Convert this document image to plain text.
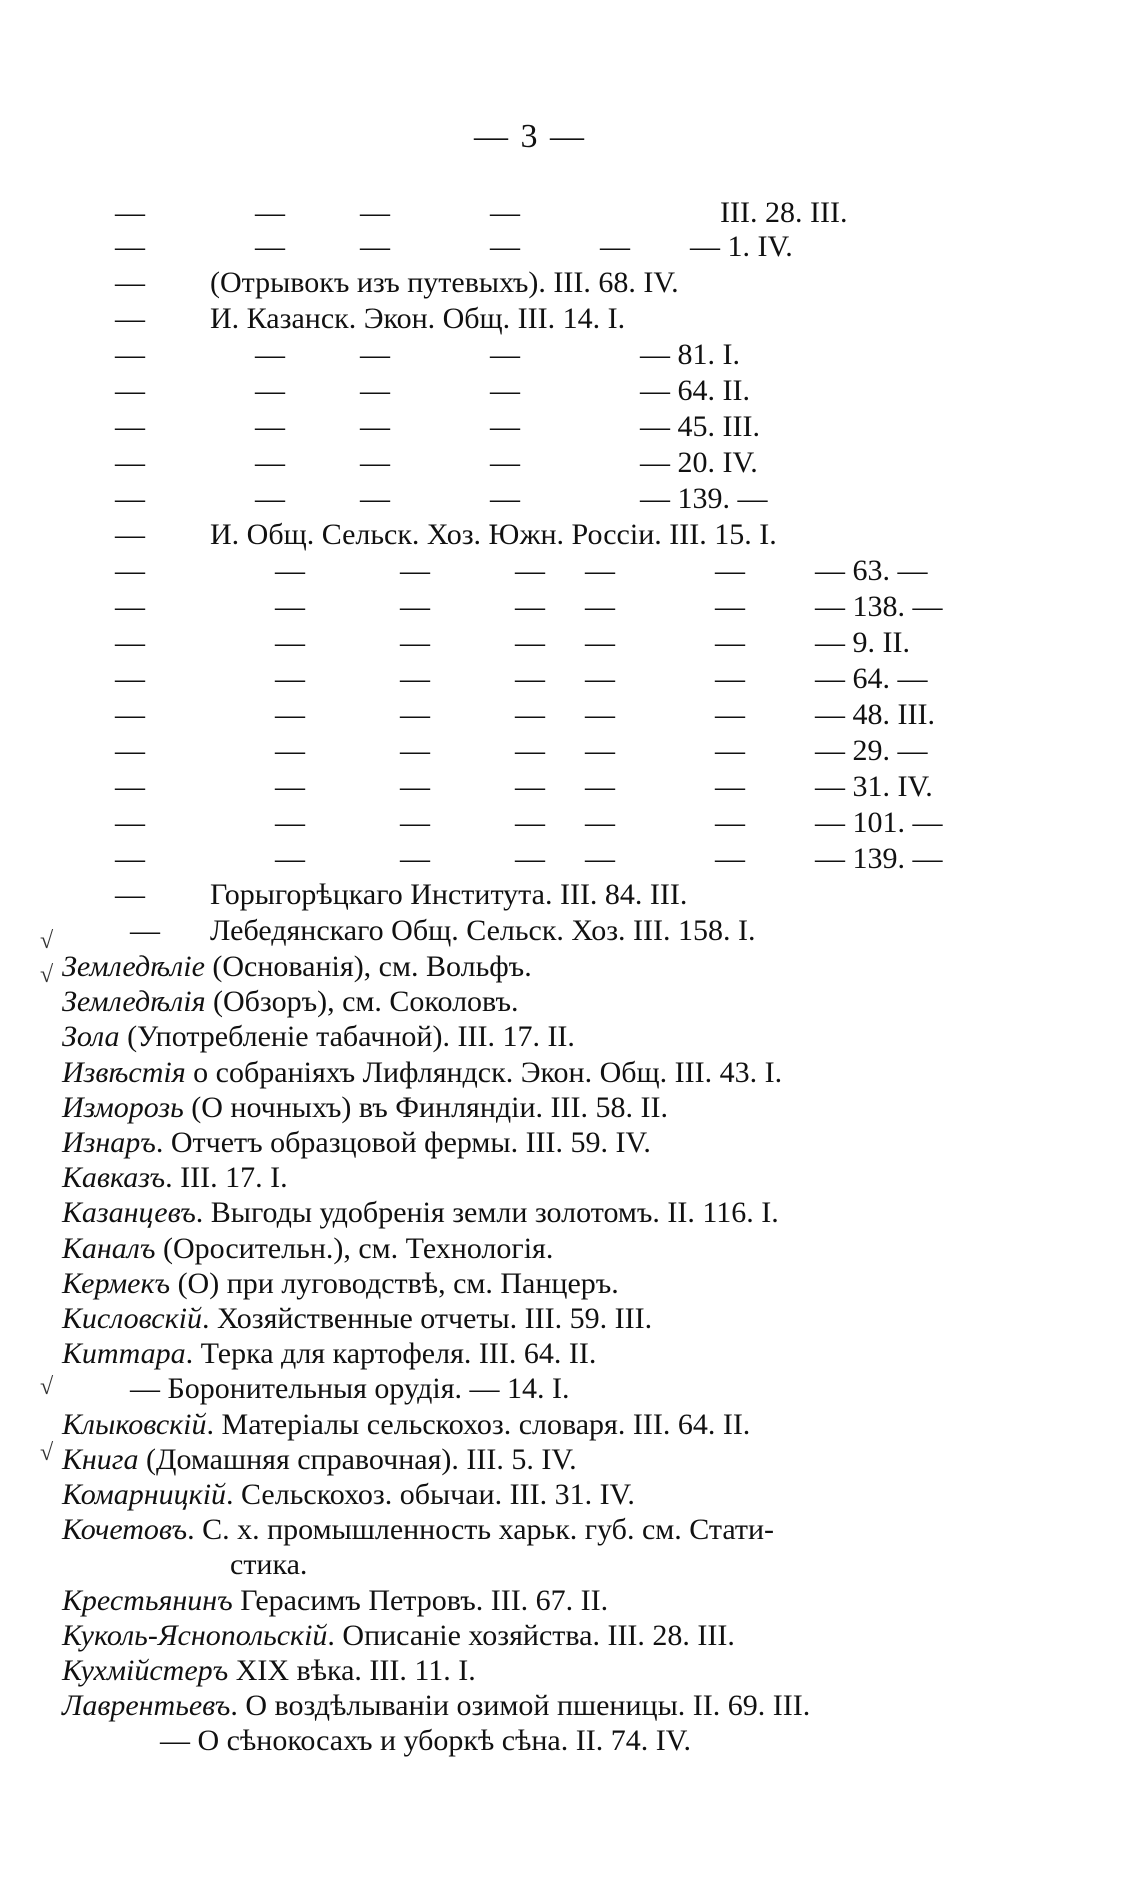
— 3 —
—	—	—	—	III. 28. III.
—	—	—	—	— — 1. IV.
— (Отрывокъ изъ путевыхъ). III. 68. IV.
— И. Казанск. Экон. Общ. III. 14. I.
—	—	—	—	— 81. I.
—	—	—	—	— 64. II.
—	—	—	—	— 45. III.
—	—	—	—	— 20. IV.
—	—	—	—	— 139. —
— И. Общ. Сельск. Хоз. Южн. Россіи. III. 15. I.
—	—	—	— —	— — 63. —
—	—	—	— —	— — 138. —
—	—	—	— —	— — 9. II.
—	—	—	— —	— — 64. —
—	—	—	— —	— — 48. III.
—	—	—	— —	— — 29. —
—	—	—	— —	— — 31. IV.
—	—	—	— —	— — 101. —
—	—	—	— —	— — 139. —
— Горыгорѣцкаго Института. III. 84. III.
— Лебедянскаго Общ. Сельск. Хоз. III. 158. I.
Земледѣліе (Основанія), см. Вольфъ.
Земледѣлія (Обзоръ), см. Соколовъ.
Зола (Употребленіе табачной). III. 17. II.
Извѣстія о собраніяхъ Лифляндск. Экон. Общ. III. 43. I.
Изморозь (О ночныхъ) въ Финляндіи. III. 58. II.
Изнаръ. Отчетъ образцовой фермы. III. 59. IV.
Кавказъ. III. 17. I.
Казанцевъ. Выгоды удобренія земли золотомъ. II. 116. I.
Каналъ (Оросительн.), см. Технологія.
Кермекъ (О) при луговодствѣ, см. Панцеръ.
Кисловскій. Хозяйственные отчеты. III. 59. III.
Киттара. Терка для картофеля. III. 64. II.
— Боронительныя орудія. — 14. I.
Клыковскій. Матеріалы сельскохоз. словаря. III. 64. II.
Книга (Домашняя справочная). III. 5. IV.
Комарницкій. Сельскохоз. обычаи. III. 31. IV.
Кочетовъ. С. х. промышленность харьк. губ. см. Стати-
стика.
Крестьянинъ Герасимъ Петровъ. III. 67. II.
Куколь-Яснопольскій. Описаніе хозяйства. III. 28. III.
Кухмійстеръ XIX вѣка. III. 11. I.
Лаврентьевъ. О воздѣлываніи озимой пшеницы. II. 69. III.
— О сѣнокосахъ и уборкѣ сѣна. II. 74. IV.
√
√
√
√
